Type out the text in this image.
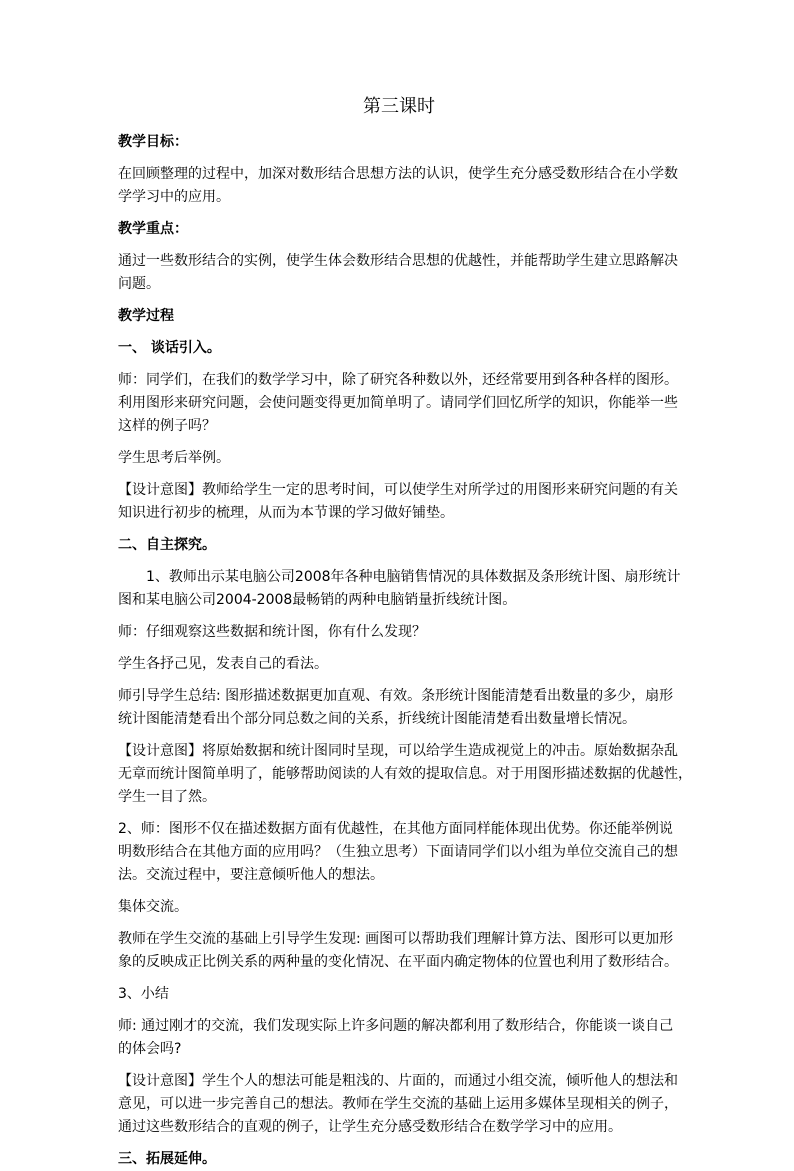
第三课时

教学目标：

在回顾整理的过程中，加深对数形结合思想方法的认识，使学生充分感受数形结合在小学数

学学习中的应用。

教学重点：

通过一些数形结合的实例，使学生体会数形结合思想的优越性，并能帮助学生建立思路解决

问题。

教学过程

一、 谈话引入。

师：同学们，在我们的数学学习中，除了研究各种数以外，还经常要用到各种各样的图形。

利用图形来研究问题，会使问题变得更加简单明了。请同学们回忆所学的知识，你能举一些

这样的例子吗？

学生思考后举例。

【设计意图】教师给学生一定的思考时间，可以使学生对所学过的用图形来研究问题的有关

知识进行初步的梳理，从而为本节课的学习做好铺垫。

二、自主探究。

1、教师出示某电脑公司2008年各种电脑销售情况的具体数据及条形统计图、扇形统计

图和某电脑公司2004-2008最畅销的两种电脑销量折线统计图。

师：仔细观察这些数据和统计图，你有什么发现？

学生各抒己见，发表自己的看法。

师引导学生总结: 图形描述数据更加直观、有效。条形统计图能清楚看出数量的多少，扇形

统计图能清楚看出个部分同总数之间的关系，折线统计图能清楚看出数量增长情况。

【设计意图】将原始数据和统计图同时呈现，可以给学生造成视觉上的冲击。原始数据杂乱

无章而统计图简单明了，能够帮助阅读的人有效的提取信息。对于用图形描述数据的优越性，

学生一目了然。

2、师：图形不仅在描述数据方面有优越性，在其他方面同样能体现出优势。你还能举例说

明数形结合在其他方面的应用吗？（生独立思考）下面请同学们以小组为单位交流自己的想

法。交流过程中，要注意倾听他人的想法。

集体交流。

教师在学生交流的基础上引导学生发现: 画图可以帮助我们理解计算方法、图形可以更加形

象的反映成正比例关系的两种量的变化情况、在平面内确定物体的位置也利用了数形结合。

3、小结

师: 通过刚才的交流，我们发现实际上许多问题的解决都利用了数形结合，你能谈一谈自己

的体会吗?

【设计意图】学生个人的想法可能是粗浅的、片面的，而通过小组交流，倾听他人的想法和

意见，可以进一步完善自己的想法。教师在学生交流的基础上运用多媒体呈现相关的例子，

通过这些数形结合的直观的例子，让学生充分感受数形结合在数学学习中的应用。

三、拓展延伸。
